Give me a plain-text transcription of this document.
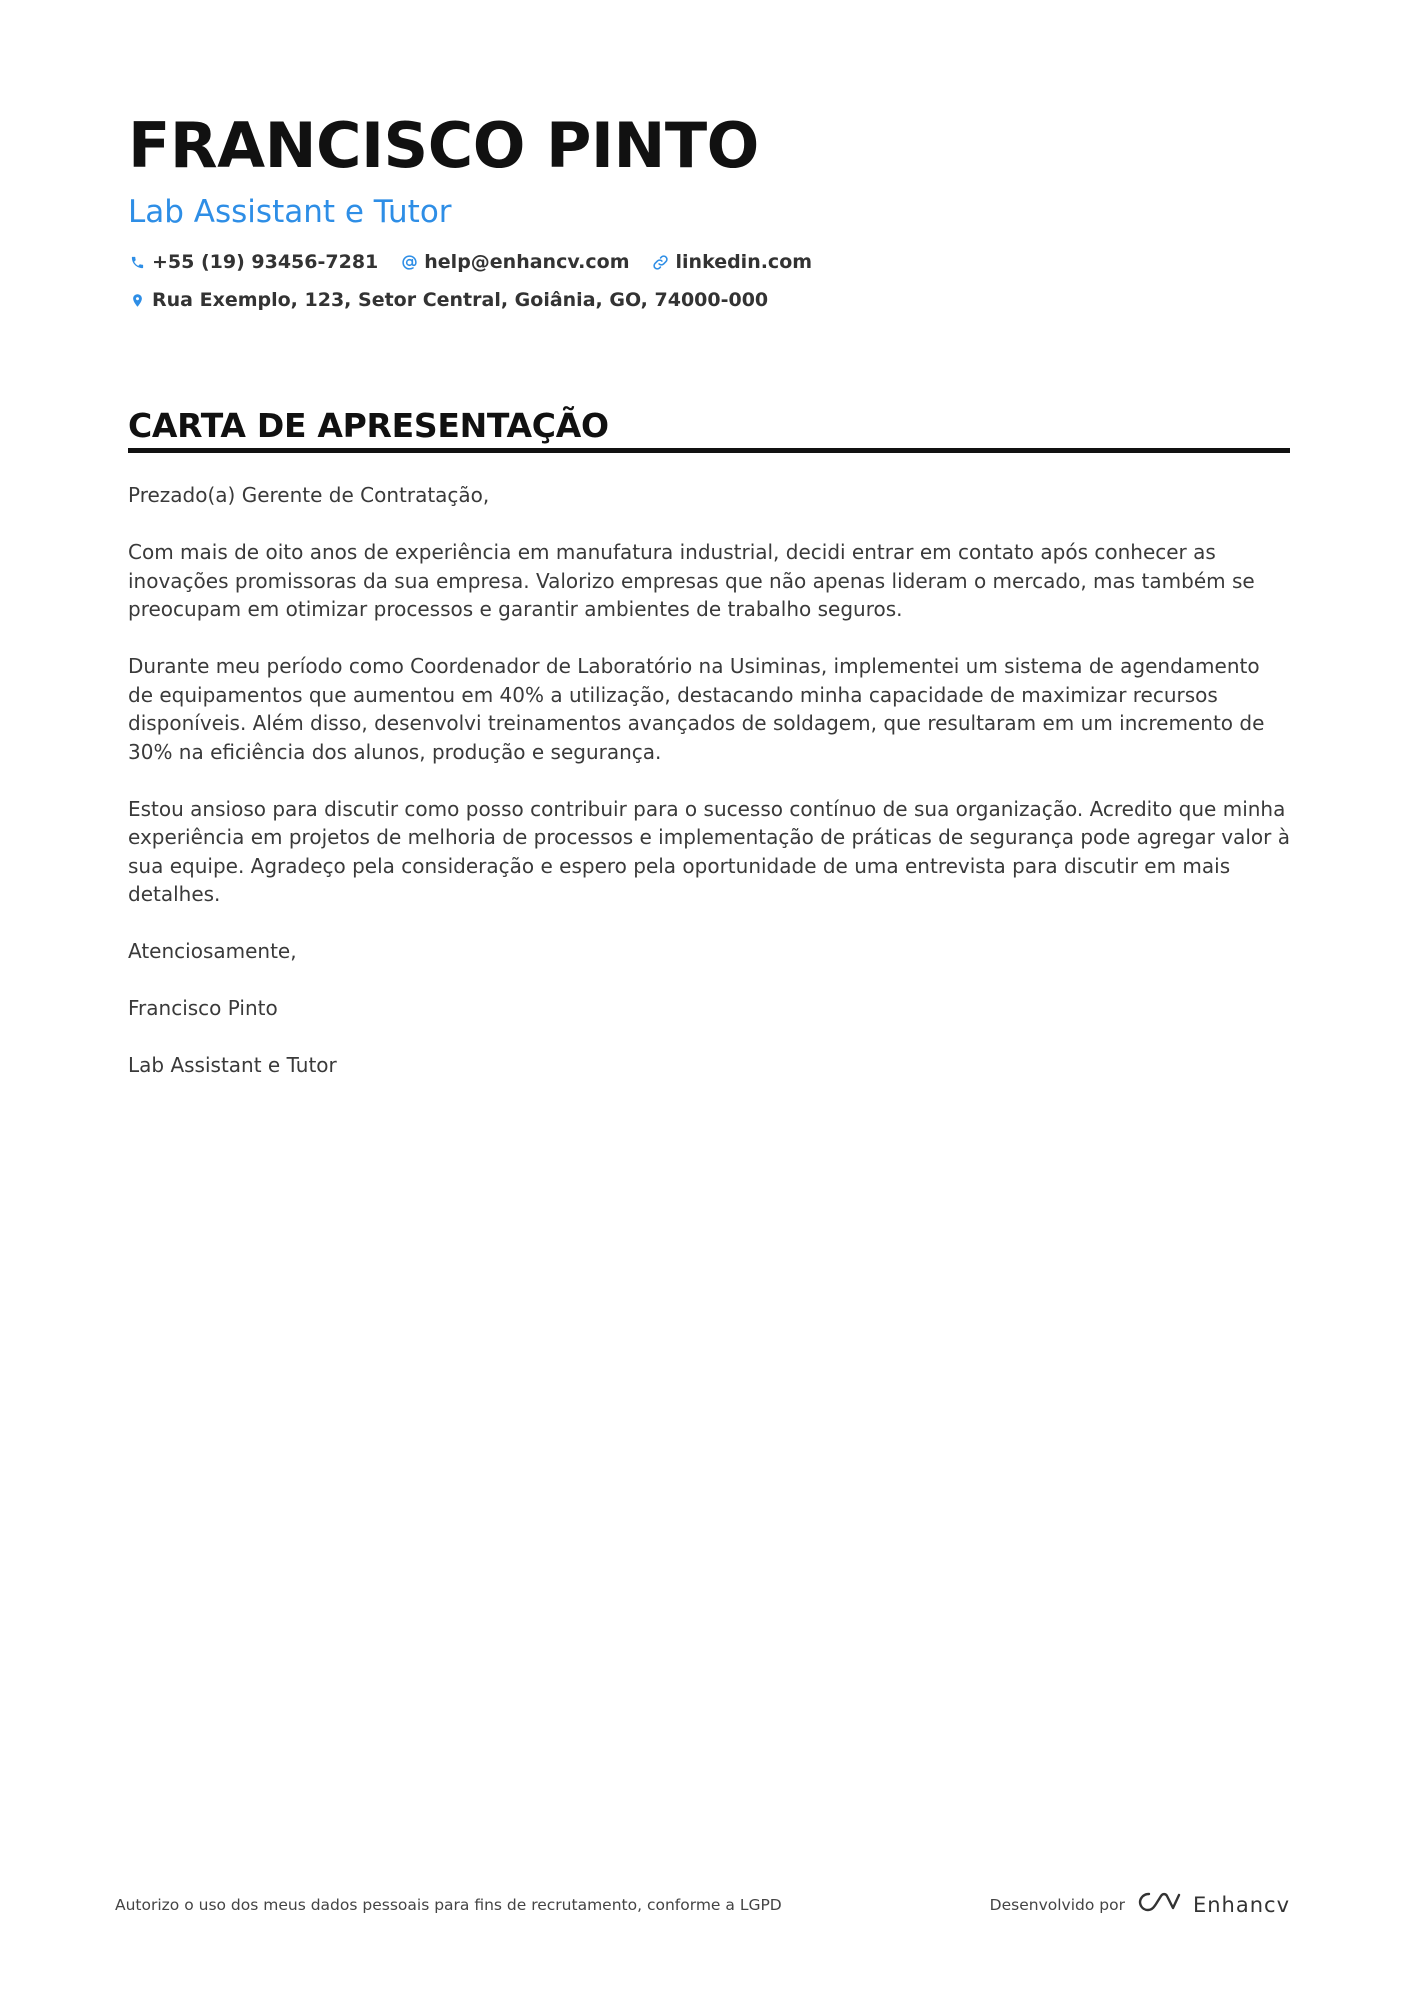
FRANCISCO PINTO
Lab Assistant e Tutor
+55 (19) 93456-7281 help@enhancv.com linkedin.com
Rua Exemplo, 123, Setor Central, Goiânia, GO, 74000-000
CARTA DE APRESENTAÇÃO

Prezado(a) Gerente de Contratação,

Com mais de oito anos de experiência em manufatura industrial, decidi entrar em contato após conhecer as inovações promissoras da sua empresa. Valorizo empresas que não apenas lideram o mercado, mas também se preocupam em otimizar processos e garantir ambientes de trabalho seguros.

Durante meu período como Coordenador de Laboratório na Usiminas, implementei um sistema de agendamento de equipamentos que aumentou em 40% a utilização, destacando minha capacidade de maximizar recursos disponíveis. Além disso, desenvolvi treinamentos avançados de soldagem, que resultaram em um incremento de 30% na eficiência dos alunos, produção e segurança.

Estou ansioso para discutir como posso contribuir para o sucesso contínuo de sua organização. Acredito que minha experiência em projetos de melhoria de processos e implementação de práticas de segurança pode agregar valor à sua equipe. Agradeço pela consideração e espero pela oportunidade de uma entrevista para discutir em mais detalhes.

Atenciosamente,

Francisco Pinto

Lab Assistant e Tutor

Autorizo o uso dos meus dados pessoais para fins de recrutamento, conforme a LGPD	Desenvolvido por	Enhancv
